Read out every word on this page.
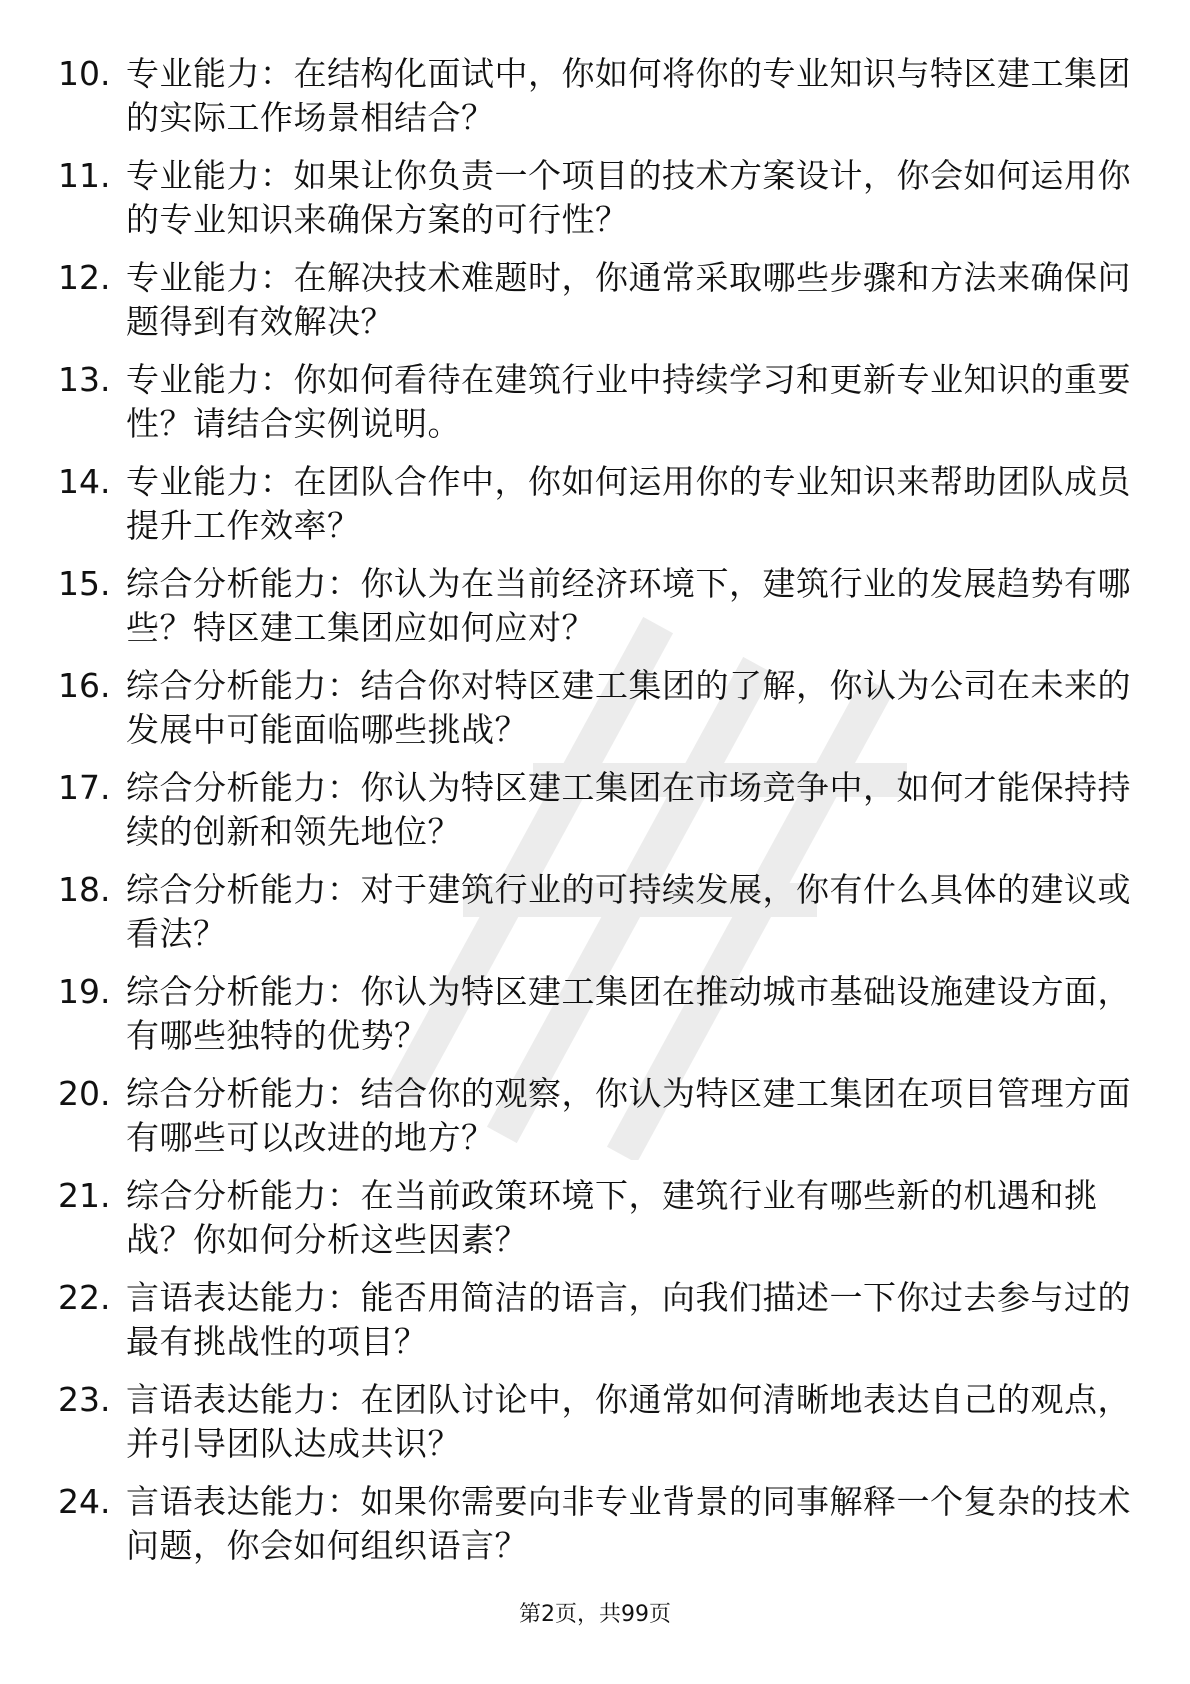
10. 专业能力：在结构化面试中，你如何将你的专业知识与特区建工集团的实际工作场景相结合？
11. 专业能力：如果让你负责一个项目的技术方案设计，你会如何运用你的专业知识来确保方案的可行性？
12. 专业能力：在解决技术难题时，你通常采取哪些步骤和方法来确保问题得到有效解决？
13. 专业能力：你如何看待在建筑行业中持续学习和更新专业知识的重要性？请结合实例说明。
14. 专业能力：在团队合作中，你如何运用你的专业知识来帮助团队成员提升工作效率？
15. 综合分析能力：你认为在当前经济环境下，建筑行业的发展趋势有哪些？特区建工集团应如何应对？
16. 综合分析能力：结合你对特区建工集团的了解，你认为公司在未来的发展中可能面临哪些挑战？
17. 综合分析能力：你认为特区建工集团在市场竞争中，如何才能保持持续的创新和领先地位？
18. 综合分析能力：对于建筑行业的可持续发展，你有什么具体的建议或看法？
19. 综合分析能力：你认为特区建工集团在推动城市基础设施建设方面，有哪些独特的优势？
20. 综合分析能力：结合你的观察，你认为特区建工集团在项目管理方面有哪些可以改进的地方？
21. 综合分析能力：在当前政策环境下，建筑行业有哪些新的机遇和挑战？你如何分析这些因素？
22. 言语表达能力：能否用简洁的语言，向我们描述一下你过去参与过的最有挑战性的项目？
23. 言语表达能力：在团队讨论中，你通常如何清晰地表达自己的观点，并引导团队达成共识？
24. 言语表达能力：如果你需要向非专业背景的同事解释一个复杂的技术问题，你会如何组织语言？
第2页，共99页
